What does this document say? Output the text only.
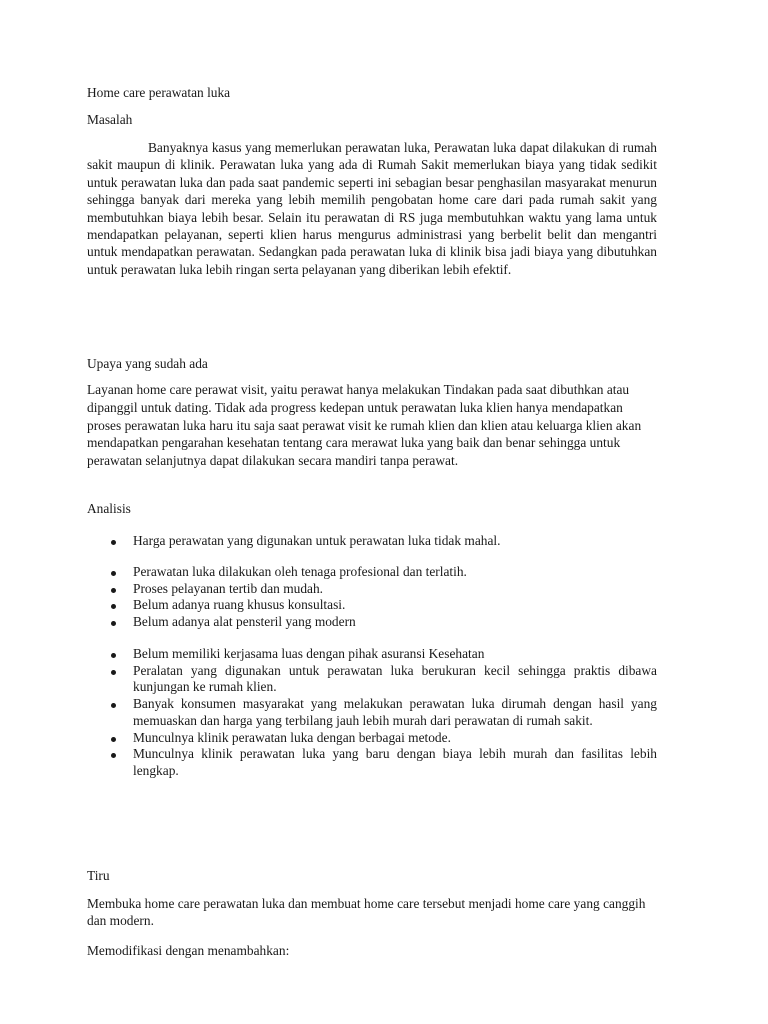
Home care perawatan luka

Masalah

Banyaknya kasus yang memerlukan perawatan luka, Perawatan luka dapat dilakukan di rumah sakit maupun di klinik. Perawatan luka yang ada di Rumah Sakit memerlukan biaya yang tidak sedikit untuk perawatan luka dan pada saat pandemic seperti ini sebagian besar penghasilan masyarakat menurun sehingga banyak dari mereka yang lebih memilih pengobatan home care dari pada rumah sakit yang membutuhkan biaya lebih besar. Selain itu perawatan di RS juga membutuhkan waktu yang lama untuk mendapatkan pelayanan, seperti klien harus mengurus administrasi yang berbelit belit dan mengantri untuk mendapatkan perawatan. Sedangkan pada perawatan luka di klinik bisa jadi biaya yang dibutuhkan untuk perawatan luka lebih ringan serta pelayanan yang diberikan lebih efektif.

Upaya yang sudah ada

Layanan home care perawat visit, yaitu perawat hanya melakukan Tindakan pada saat dibuthkan atau dipanggil untuk dating. Tidak ada progress kedepan untuk perawatan luka klien hanya mendapatkan proses perawatan luka haru itu saja saat perawat visit ke rumah klien dan klien atau keluarga klien akan mendapatkan pengarahan kesehatan tentang cara merawat luka yang baik dan benar sehingga untuk perawatan selanjutnya dapat dilakukan secara mandiri tanpa perawat.

Analisis

Harga perawatan yang digunakan untuk perawatan luka tidak mahal.
Perawatan luka dilakukan oleh tenaga profesional dan terlatih.
Proses pelayanan tertib dan mudah.
Belum adanya ruang khusus konsultasi.
Belum adanya alat pensteril yang modern
Belum memiliki kerjasama luas dengan pihak asuransi Kesehatan
Peralatan yang digunakan untuk perawatan luka berukuran kecil sehingga praktis dibawa kunjungan ke rumah klien.
Banyak konsumen masyarakat yang melakukan perawatan luka dirumah dengan hasil yang memuaskan dan harga yang terbilang jauh lebih murah dari perawatan di rumah sakit.
Munculnya klinik perawatan luka dengan berbagai metode.
Munculnya klinik perawatan luka yang baru dengan biaya lebih murah dan fasilitas lebih lengkap.

Tiru

Membuka home care perawatan luka dan membuat home care tersebut menjadi home care yang canggih dan modern.

Memodifikasi dengan menambahkan:
